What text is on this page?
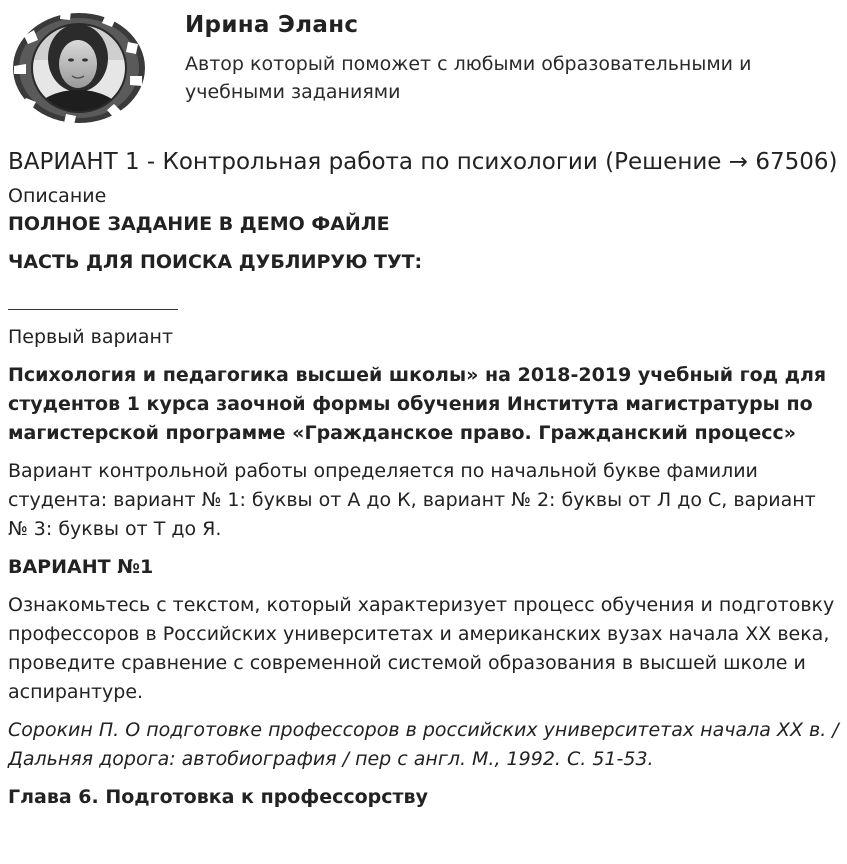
Ирина Эланс
Автор который поможет с любыми образовательными и учебными заданиями
ВАРИАНТ 1 - Контрольная работа по психологии (Решение → 67506)
Описание

ПОЛНОЕ ЗАДАНИЕ В ДЕМО ФАЙЛЕ

ЧАСТЬ ДЛЯ ПОИСКА ДУБЛИРУЮ ТУТ:

Первый вариант

Психология и педагогика высшей школы» на 2018-2019 учебный год для студентов 1 курса заочной формы обучения Института магистратуры по магистерской программе «Гражданское право. Гражданский процесс»

Вариант контрольной работы определяется по начальной букве фамилии студента: вариант № 1: буквы от А до К, вариант № 2: буквы от Л до С, вариант № 3: буквы от Т до Я.

ВАРИАНТ №1

Ознакомьтесь с текстом, который характеризует процесс обучения и подготовку профессоров в Российских университетах и американских вузах начала XX века, проведите сравнение с современной системой образования в высшей школе и аспирантуре.

Сорокин П. О подготовке профессоров в российских университетах начала XX в. / Дальняя дорога: автобиография / пер с англ. М., 1992. С. 51-53.

Глава 6. Подготовка к профессорству
